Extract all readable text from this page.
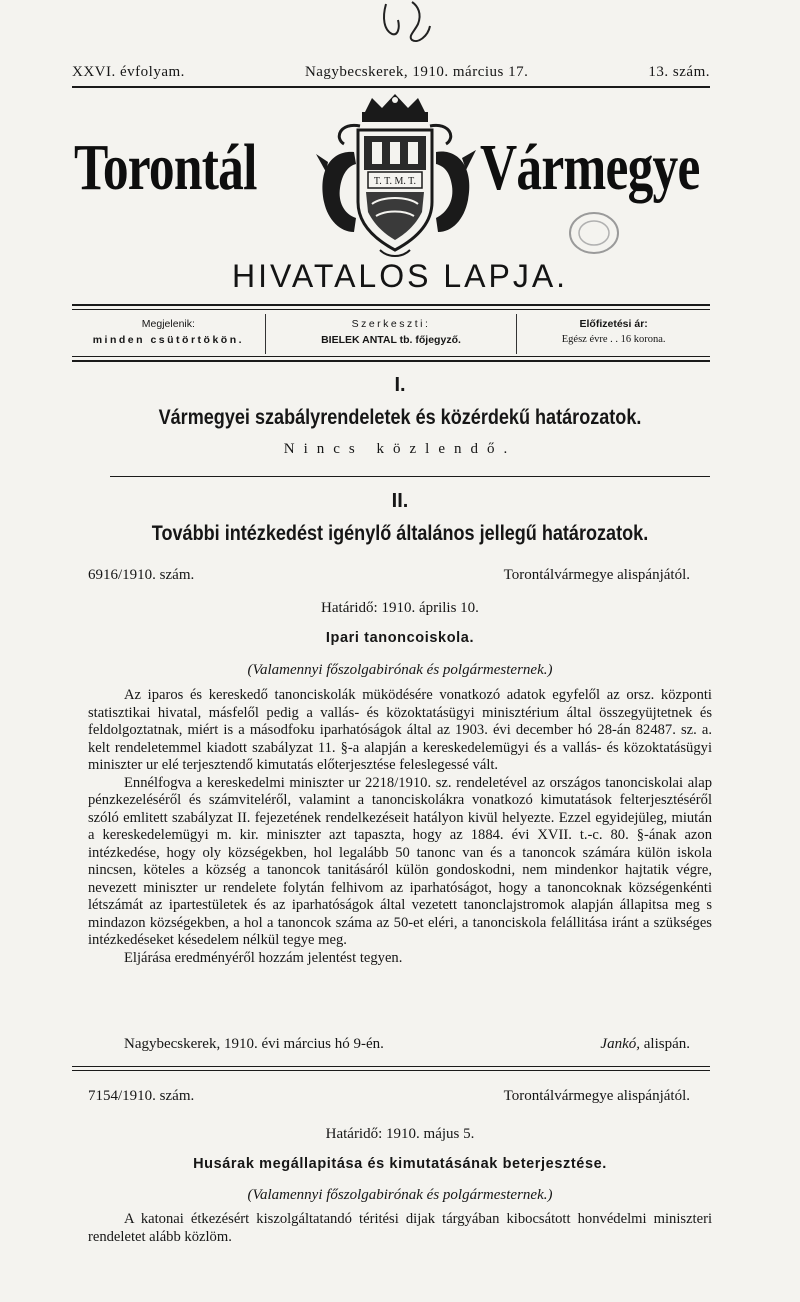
XXVI. évfolyam.	Nagybecskerek, 1910. március 17.	13. szám.
Torontál	T. T. M. T. Vármegye
HIVATALOS LAPJA.
Megjelenik:
minden csütörtökön.
Szerkeszti:
BIELEK ANTAL tb. főjegyző.
Előfizetési ár:
Egész évre . . 16 korona.
I.
Vármegyei szabályrendeletek és közérdekű határozatok.
Nincs közlendő.
II.
További intézkedést igénylő általános jellegű határozatok.
6916/1910. szám.	Torontálvármegye alispánjától.
Határidő: 1910. április 10.
Ipari tanoncoiskola.
(Valamennyi főszolgabirónak és polgármesternek.)

Az iparos és kereskedő tanonciskolák müködésére vonatkozó adatok egyfelől az orsz. központi statisztikai hivatal, másfelől pedig a vallás- és közoktatásügyi minisztérium által összegyüjtetnek és feldolgoztatnak, miért is a másodfoku iparhatóságok által az 1903. évi december hó 28-án 82487. sz. a. kelt rendeletemmel kiadott szabályzat 11. §-a alapján a kereskedelemügyi és a vallás- és közoktatásügyi miniszter ur elé terjesztendő kimutatás előterjesztése feleslegessé vált.

Ennélfogva a kereskedelmi miniszter ur 2218/1910. sz. rendeletével az országos tanonciskolai alap pénzkezeléséről és számviteléről, valamint a tanonciskolákra vonatkozó kimutatások felterjesztéséről szóló emlitett szabályzat II. fejezetének rendelkezéseit hatályon kivül helyezte. Ezzel egyidejüleg, miután a kereskedelemügyi m. kir. miniszter azt tapaszta, hogy az 1884. évi XVII. t.-c. 80. §-ának azon intézkedése, hogy oly községekben, hol legalább 50 tanonc van és a tanoncok számára külön iskola nincsen, köteles a község a tanoncok tanitásáról külön gondoskodni, nem mindenkor hajtatik végre, nevezett miniszter ur rendelete folytán felhivom az iparhatóságot, hogy a tanoncoknak községenkénti létszámát az ipartestületek és az iparhatóságok által vezetett tanonclajstromok alapján állapitsa meg s mindazon községekben, a hol a tanoncok száma az 50-et eléri, a tanonciskola felállitása iránt a szükséges intézkedéseket késedelem nélkül tegye meg.

Eljárása eredményéről hozzám jelentést tegyen.

Nagybecskerek, 1910. évi március hó 9-én.	Jankó, alispán.
7154/1910. szám.	Torontálvármegye alispánjától.
Határidő: 1910. május 5.
Husárak megállapitása és kimutatásának beterjesztése.
(Valamennyi főszolgabirónak és polgármesternek.)

A katonai étkezésért kiszolgáltatandó téritési dijak tárgyában kibocsátott honvédelmi miniszteri rendeletet alább közlöm.
